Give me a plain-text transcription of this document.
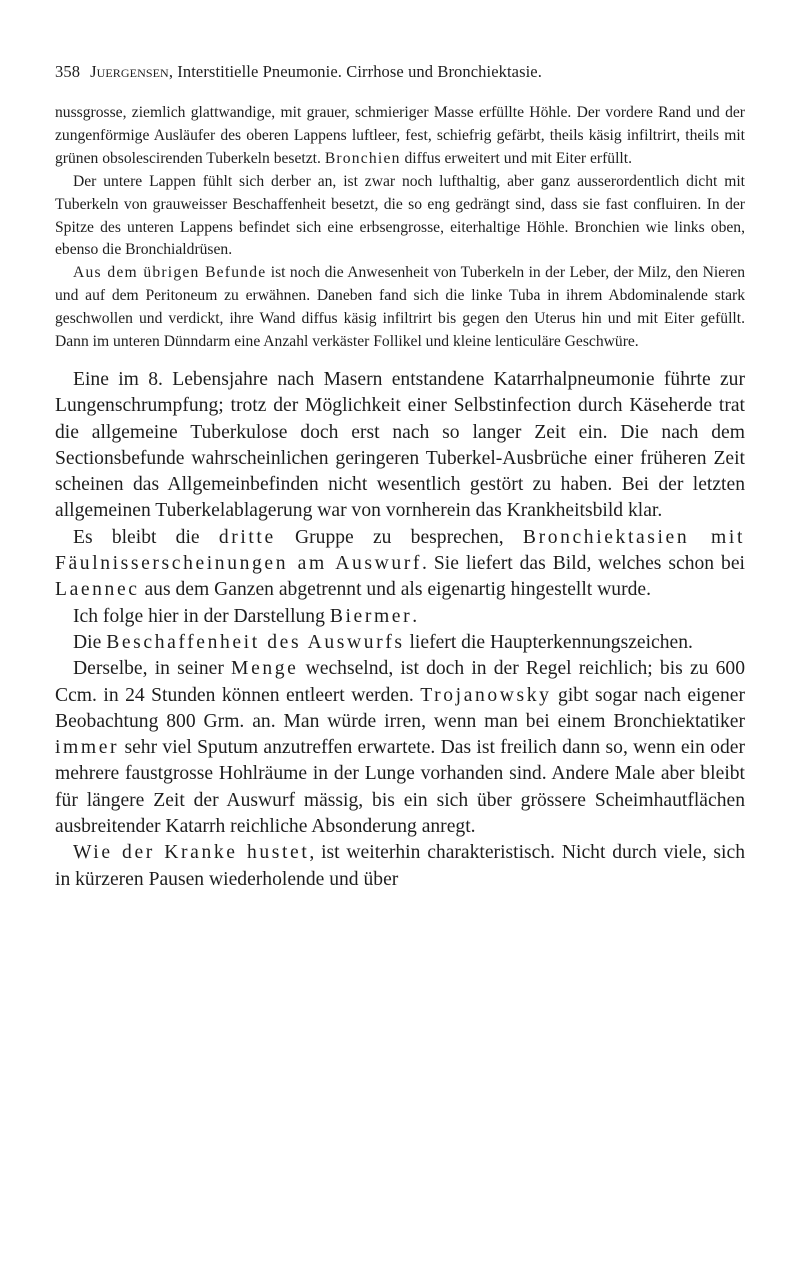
358 Juergensen, Interstitielle Pneumonie. Cirrhose und Bronchiektasie.

nussgrosse, ziemlich glattwandige, mit grauer, schmieriger Masse erfüllte Höhle. Der vordere Rand und der zungenförmige Ausläufer des oberen Lappens luftleer, fest, schiefrig gefärbt, theils käsig infiltrirt, theils mit grünen obsolescirenden Tuberkeln besetzt. Bronchien diffus erweitert und mit Eiter erfüllt.

Der untere Lappen fühlt sich derber an, ist zwar noch lufthaltig, aber ganz ausserordentlich dicht mit Tuberkeln von grauweisser Beschaffenheit besetzt, die so eng gedrängt sind, dass sie fast confluiren. In der Spitze des unteren Lappens befindet sich eine erbsengrosse, eiterhaltige Höhle. Bronchien wie links oben, ebenso die Bronchialdrüsen.

Aus dem übrigen Befunde ist noch die Anwesenheit von Tuberkeln in der Leber, der Milz, den Nieren und auf dem Peritoneum zu erwähnen. Daneben fand sich die linke Tuba in ihrem Abdominalende stark geschwollen und verdickt, ihre Wand diffus käsig infiltrirt bis gegen den Uterus hin und mit Eiter gefüllt. Dann im unteren Dünndarm eine Anzahl verkäster Follikel und kleine lenticuläre Geschwüre.

Eine im 8. Lebensjahre nach Masern entstandene Katarrhalpneumonie führte zur Lungenschrumpfung; trotz der Möglichkeit einer Selbstinfection durch Käseherde trat die allgemeine Tuberkulose doch erst nach so langer Zeit ein. Die nach dem Sectionsbefunde wahrscheinlichen geringeren Tuberkel-Ausbrüche einer früheren Zeit scheinen das Allgemeinbefinden nicht wesentlich gestört zu haben. Bei der letzten allgemeinen Tuberkelablagerung war von vornherein das Krankheitsbild klar.

Es bleibt die dritte Gruppe zu besprechen, Bronchiektasien mit Fäulnisserscheinungen am Auswurf. Sie liefert das Bild, welches schon bei Laennec aus dem Ganzen abgetrennt und als eigenartig hingestellt wurde.

Ich folge hier in der Darstellung Biermer.

Die Beschaffenheit des Auswurfs liefert die Haupterkennungszeichen.

Derselbe, in seiner Menge wechselnd, ist doch in der Regel reichlich; bis zu 600 Ccm. in 24 Stunden können entleert werden. Trojanowsky gibt sogar nach eigener Beobachtung 800 Grm. an. Man würde irren, wenn man bei einem Bronchiektatiker immer sehr viel Sputum anzutreffen erwartete. Das ist freilich dann so, wenn ein oder mehrere faustgrosse Hohlräume in der Lunge vorhanden sind. Andere Male aber bleibt für längere Zeit der Auswurf mässig, bis ein sich über grössere Scheimhautflächen ausbreitender Katarrh reichliche Absonderung anregt.

Wie der Kranke hustet, ist weiterhin charakteristisch. Nicht durch viele, sich in kürzeren Pausen wiederholende und über
